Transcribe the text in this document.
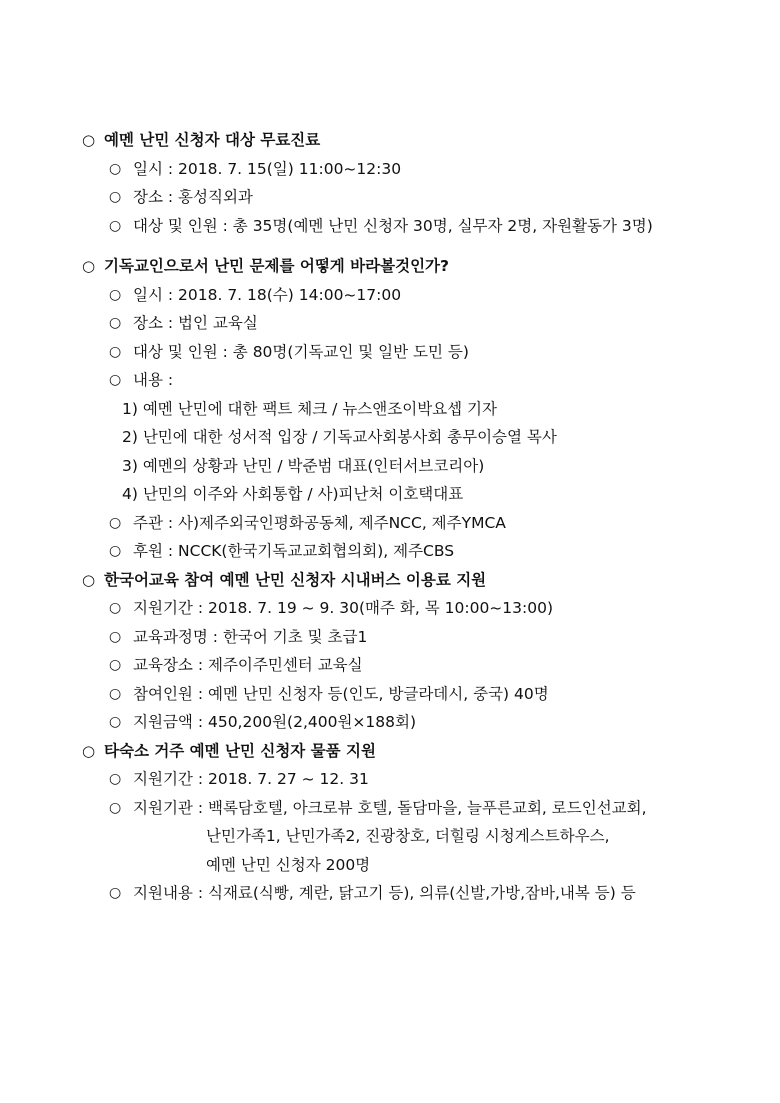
○ 예멘 난민 신청자 대상 무료진료
○ 일시 : 2018. 7. 15(일) 11:00~12:30
○ 장소 : 홍성직외과
○ 대상 및 인원 : 총 35명(예멘 난민 신청자 30명, 실무자 2명, 자원활동가 3명)
○ 기독교인으로서 난민 문제를 어떻게 바라볼것인가?
○ 일시 : 2018. 7. 18(수) 14:00~17:00
○ 장소 : 법인 교육실
○ 대상 및 인원 : 총 80명(기독교인 및 일반 도민 등)
○ 내용 :
1) 예멘 난민에 대한 팩트 체크 / 뉴스앤조이박요셉 기자
2) 난민에 대한 성서적 입장 / 기독교사회봉사회 총무이승열 목사
3) 예멘의 상황과 난민 / 박준범 대표(인터서브코리아)
4) 난민의 이주와 사회통합 / 사)피난처 이호택대표
○ 주관 : 사)제주외국인평화공동체, 제주NCC, 제주YMCA
○ 후원 : NCCK(한국기독교교회협의회), 제주CBS
○ 한국어교육 참여 예멘 난민 신청자 시내버스 이용료 지원
○ 지원기간 : 2018. 7. 19 ~ 9. 30(매주 화, 목 10:00~13:00)
○ 교육과정명 : 한국어 기초 및 초급1
○ 교육장소 : 제주이주민센터 교육실
○ 참여인원 : 예멘 난민 신청자 등(인도, 방글라데시, 중국) 40명
○ 지원금액 : 450,200원(2,400원×188회)
○ 타숙소 거주 예멘 난민 신청자 물품 지원
○ 지원기간 : 2018. 7. 27 ~ 12. 31
○ 지원기관 : 백록담호텔, 아크로뷰 호텔, 돌담마을, 늘푸른교회, 로드인선교회,
난민가족1, 난민가족2, 진광창호, 더힐링 시청게스트하우스,
예멘 난민 신청자 200명
○ 지원내용 : 식재료(식빵, 계란, 닭고기 등), 의류(신발,가방,잠바,내복 등) 등
